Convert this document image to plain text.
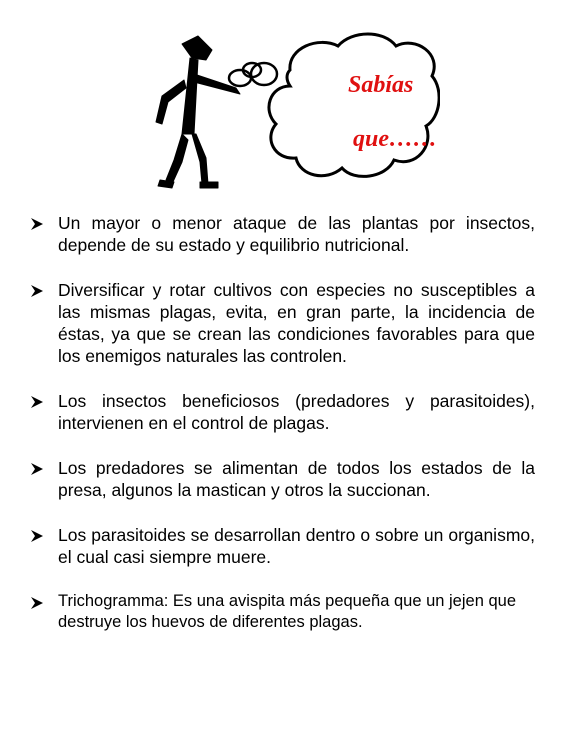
Sabías
que……
Un mayor o menor ataque de las plantas por insectos, depende de su estado y equilibrio nutricional.
Diversificar y rotar cultivos con especies no susceptibles a las mismas plagas, evita, en gran parte, la incidencia de éstas, ya que se crean las condiciones favorables para que los enemigos naturales las controlen.
Los insectos beneficiosos (predadores y parasitoides), intervienen en el control de plagas.
Los predadores se alimentan de todos los estados de la presa, algunos la mastican y otros la succionan.
Los parasitoides se desarrollan dentro o sobre un organismo, el cual casi siempre muere.
Trichogramma: Es una avispita más pequeña que un jejen que destruye los huevos de diferentes plagas.
